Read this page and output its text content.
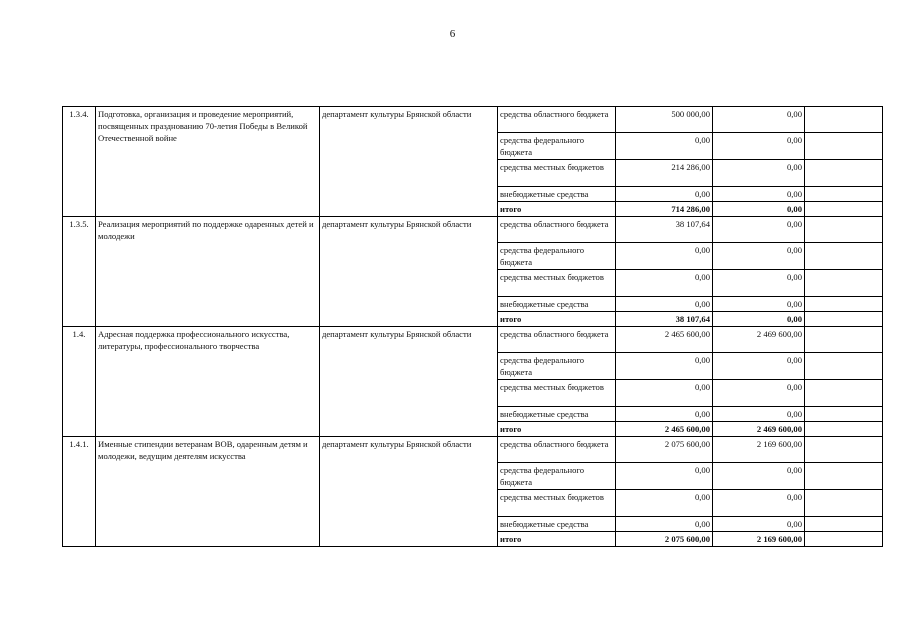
6
1.3.4.	Подготовка, организация и проведение мероприятий, посвященных празднованию 70-летия Победы в Великой Отечественной войне	департамент культуры Брянской области	средства областного бюджета	500 000,00	0,00	
			средства федерального бюджета	0,00	0,00	
			средства местных бюджетов	214 286,00	0,00	
			внебюджетные средства	0,00	0,00	
			итого	714 286,00	0,00	
1.3.5.	Реализация мероприятий по поддержке одаренных детей и молодежи	департамент культуры Брянской области	средства областного бюджета	38 107,64	0,00	
			средства федерального бюджета	0,00	0,00	
			средства местных бюджетов	0,00	0,00	
			внебюджетные средства	0,00	0,00	
			итого	38 107,64	0,00	
1.4.	Адресная поддержка профессионального искусства, литературы, профессионального творчества	департамент культуры Брянской области	средства областного бюджета	2 465 600,00	2 469 600,00	
			средства федерального бюджета	0,00	0,00	
			средства местных бюджетов	0,00	0,00	
			внебюджетные средства	0,00	0,00	
			итого	2 465 600,00	2 469 600,00	
1.4.1.	Именные стипендии ветеранам ВОВ, одаренным детям и молодежи, ведущим деятелям искусства	департамент культуры Брянской области	средства областного бюджета	2 075 600,00	2 169 600,00	
			средства федерального бюджета	0,00	0,00	
			средства местных бюджетов	0,00	0,00	
			внебюджетные средства	0,00	0,00	
			итого	2 075 600,00	2 169 600,00	
